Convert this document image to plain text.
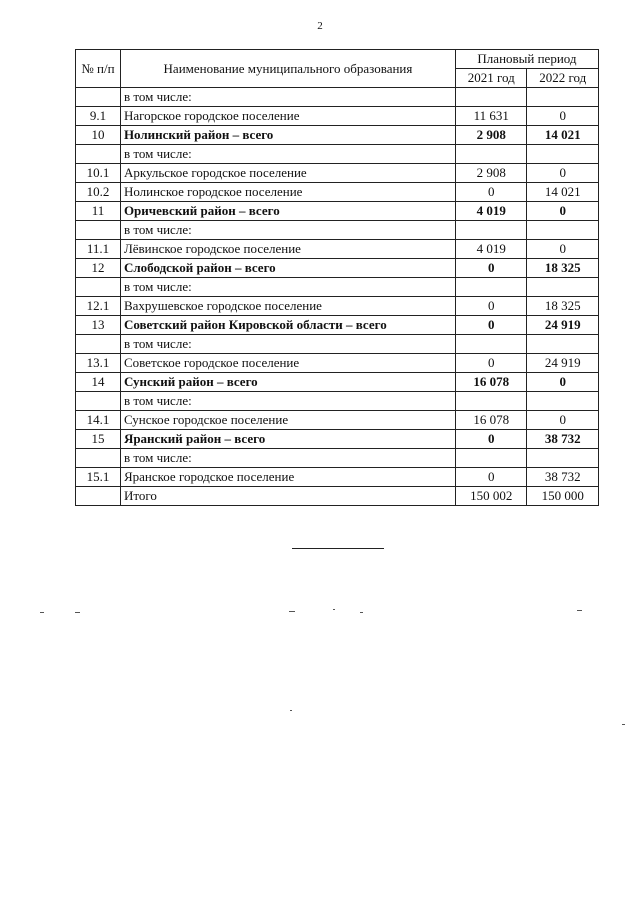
2
№ п/п	Наименование муниципального образования	Плановый период	
		2021 год	2022 год
	в том числе:		
9.1	Нагорское городское поселение	11 631	0
10	Нолинский район – всего	2 908	14 021
	в том числе:		
10.1	Аркульское городское поселение	2 908	0
10.2	Нолинское городское поселение	0	14 021
11	Оричевский район – всего	4 019	0
	в том числе:		
11.1	Лёвинское городское поселение	4 019	0
12	Слободской район – всего	0	18 325
	в том числе:		
12.1	Вахрушевское городское поселение	0	18 325
13	Советский район Кировской области – всего	0	24 919
	в том числе:		
13.1	Советское городское поселение	0	24 919
14	Сунский район – всего	16 078	0
	в том числе:		
14.1	Сунское городское поселение	16 078	0
15	Яранский район – всего	0	38 732
	в том числе:		
15.1	Яранское городское поселение	0	38 732
	Итого	150 002	150 000
